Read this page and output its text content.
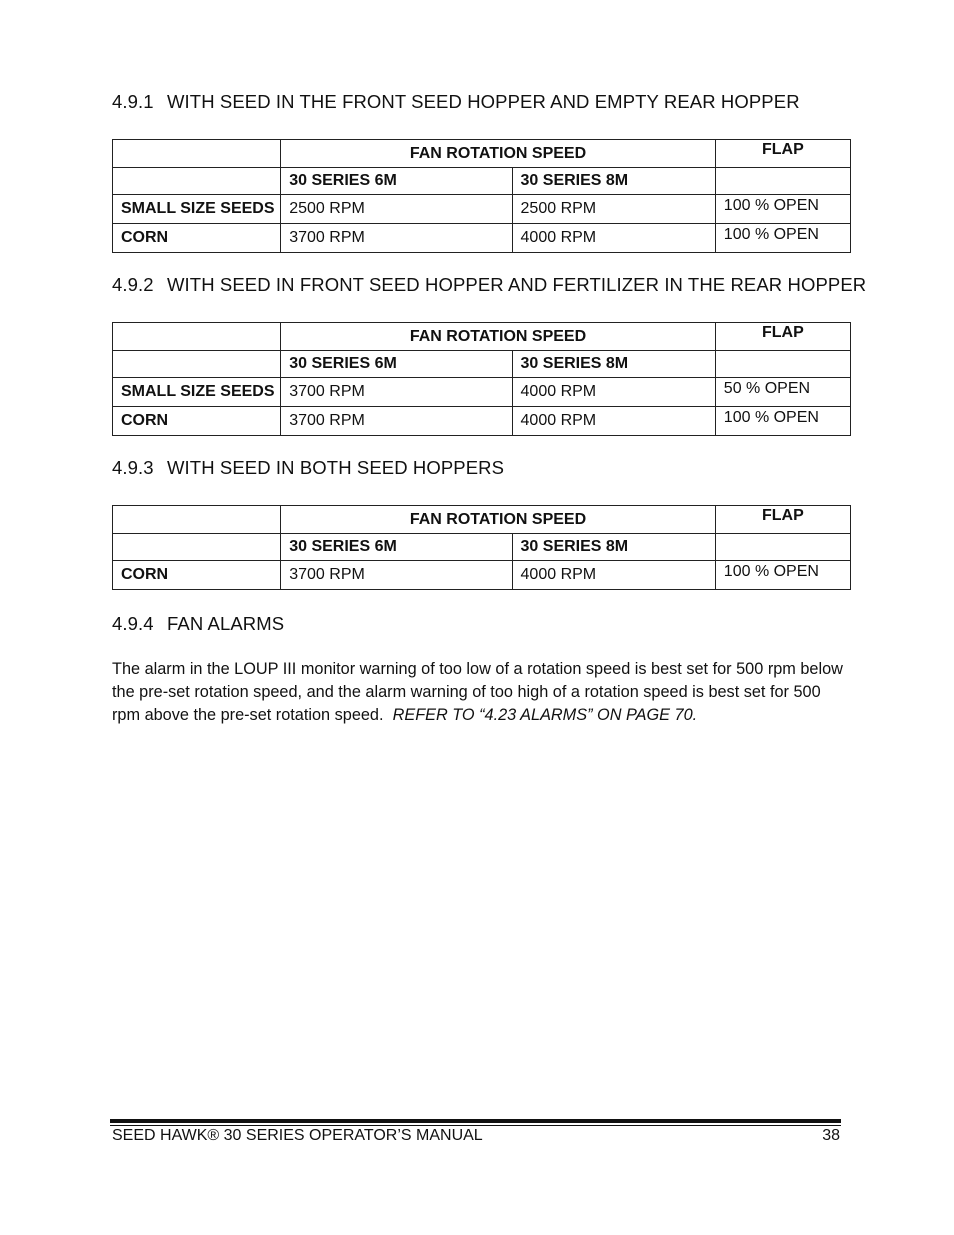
4.9.1 WITH SEED IN THE FRONT SEED HOPPER AND EMPTY REAR HOPPER
	FAN ROTATION SPEED		FLAP
	30 SERIES 6M	30 SERIES 8M	
SMALL SIZE SEEDS	2500 RPM	2500 RPM	100 % OPEN
CORN	3700 RPM	4000 RPM	100 % OPEN
4.9.2 WITH SEED IN FRONT SEED HOPPER AND FERTILIZER IN THE REAR HOPPER
	FAN ROTATION SPEED		FLAP
	30 SERIES 6M	30 SERIES 8M	
SMALL SIZE SEEDS	3700 RPM	4000 RPM	50 % OPEN
CORN	3700 RPM	4000 RPM	100 % OPEN
4.9.3 WITH SEED IN BOTH SEED HOPPERS
	FAN ROTATION SPEED		FLAP
	30 SERIES 6M	30 SERIES 8M	
CORN	3700 RPM	4000 RPM	100 % OPEN
4.9.4 FAN ALARMS

The alarm in the LOUP III monitor warning of too low of a rotation speed is best set for 500 rpm below the pre-set rotation speed, and the alarm warning of too high of a rotation speed is best set for 500 rpm above the pre-set rotation speed. REFER TO “4.23 ALARMS” ON PAGE 70.

SEED HAWK® 30 SERIES OPERATOR’S MANUAL	38
